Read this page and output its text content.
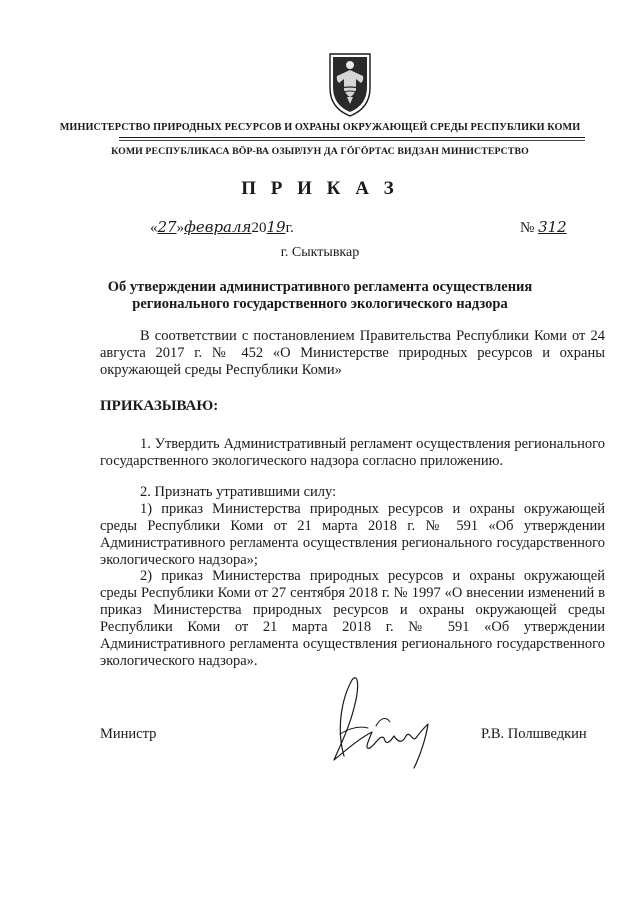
МИНИСТЕРСТВО ПРИРОДНЫХ РЕСУРСОВ И ОХРАНЫ ОКРУЖАЮЩЕЙ СРЕДЫ РЕСПУБЛИКИ КОМИ
КОМИ РЕСПУБЛИКАСА ВӦР-ВА ОЗЫРЛУН ДА ГӦГӦРТАС ВИДЗАН МИНИСТЕРСТВО
П Р И К А З
«27»февраля2019г.	№ 312
г. Сыктывкар
Об утверждении административного регламента осуществления регионального государственного экологического надзора
В соответствии с постановлением Правительства Республики Коми от 24 августа 2017 г. № 452 «О Министерстве природных ресурсов и охраны окружающей среды Республики Коми»
ПРИКАЗЫВАЮ:
1. Утвердить Административный регламент осуществления регионального государственного экологического надзора согласно приложению.
2. Признать утратившими силу:
1) приказ Министерства природных ресурсов и охраны окружающей среды Республики Коми от 21 марта 2018 г. № 591 «Об утверждении Административного регламента осуществления регионального государственного экологического надзора»;
2) приказ Министерства природных ресурсов и охраны окружающей среды Республики Коми от 27 сентября 2018 г. № 1997 «О внесении изменений в приказ Министерства природных ресурсов и охраны окружающей среды Республики Коми от 21 марта 2018 г. № 591 «Об утверждении Административного регламента осуществления регионального государственного экологического надзора».
Министр	Р.В. Полшведкин
